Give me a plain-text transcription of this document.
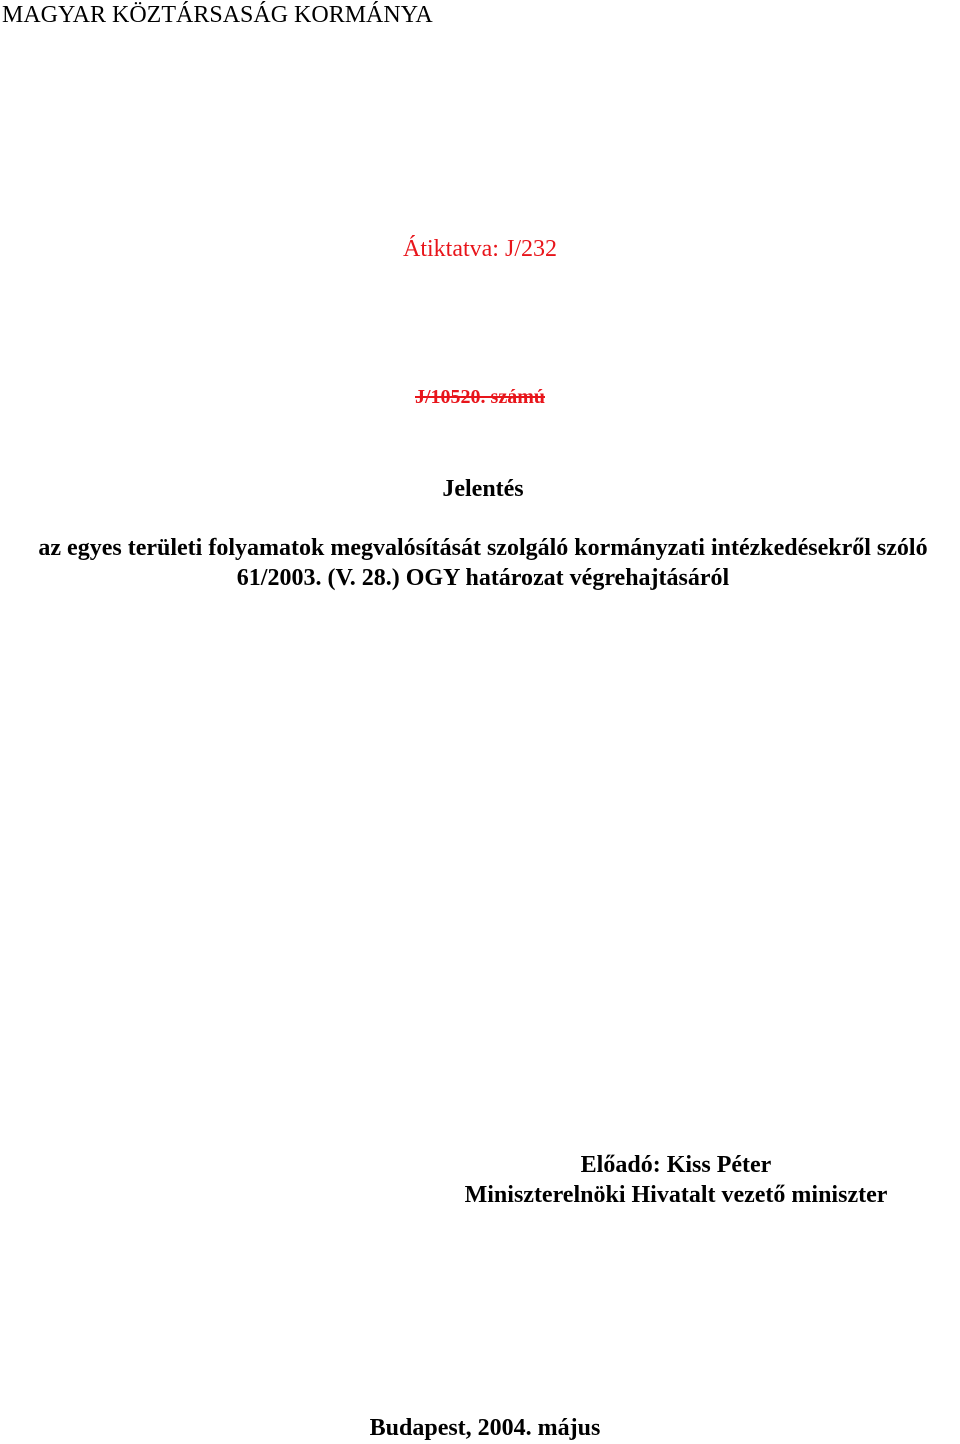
MAGYAR KÖZTÁRSASÁG KORMÁNYA

Átiktatva: J/232

J/10520. számú

Jelentés
az egyes területi folyamatok megvalósítását szolgáló kormányzati intézkedésekről szóló
61/2003. (V. 28.) OGY határozat végrehajtásáról
Előadó: Kiss Péter
Miniszterelnöki Hivatalt vezető miniszter

Budapest, 2004. május
